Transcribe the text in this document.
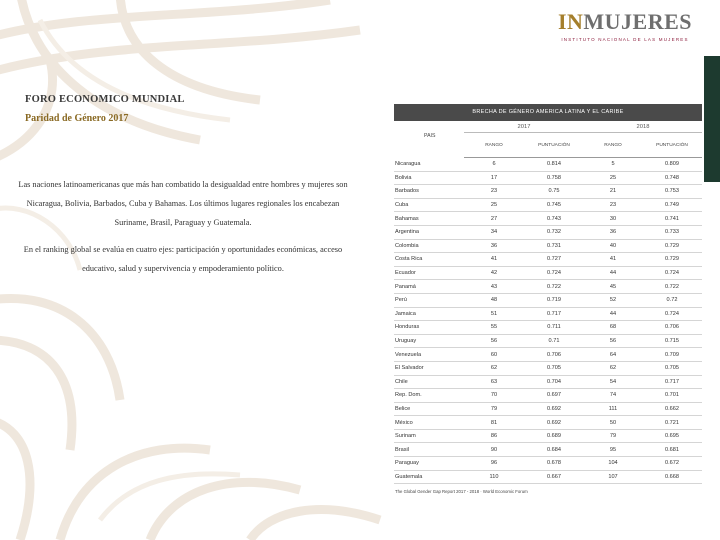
INMUJERES
INSTITUTO NACIONAL DE LAS MUJERES
FORO ECONOMICO MUNDIAL
Paridad de Género 2017
Las naciones latinoamericanas que más han combatido la desigualdad entre hombres y mujeres son Nicaragua, Bolivia, Barbados, Cuba y Bahamas. Los últimos lugares regionales los encabezan Suriname, Brasil, Paraguay y Guatemala.
En el ranking global se evalúa en cuatro ejes: participación y oportunidades económicas, acceso educativo, salud y supervivencia y empoderamiento político.
BRECHA DE GÉNERO AMERICA LATINA Y EL CARIBE
PAIS	2017		2018	
	RANGO	PUNTUACIÓN	RANGO	PUNTUACIÓN
Nicaragua	6	0.814	5	0.809
Bolivia	17	0.758	25	0.748
Barbados	23	0.75	21	0.753
Cuba	25	0.745	23	0.749
Bahamas	27	0.743	30	0.741
Argentina	34	0.732	36	0.733
Colombia	36	0.731	40	0.729
Costa Rica	41	0.727	41	0.729
Ecuador	42	0.724	44	0.724
Panamá	43	0.722	45	0.722
Perú	48	0.719	52	0.72
Jamaica	51	0.717	44	0.724
Honduras	55	0.711	68	0.706
Uruguay	56	0.71	56	0.715
Venezuela	60	0.706	64	0.709
El Salvador	62	0.705	62	0.705
Chile	63	0.704	54	0.717
Rep. Dom.	70	0.697	74	0.701
Belice	79	0.692	111	0.662
México	81	0.692	50	0.721
Surinam	86	0.689	79	0.695
Brasil	90	0.684	95	0.681
Paraguay	96	0.678	104	0.672
Guatemala	110	0.667	107	0.668
The Global Gender Gap Report 2017 - 2018 · World Economic Forum
